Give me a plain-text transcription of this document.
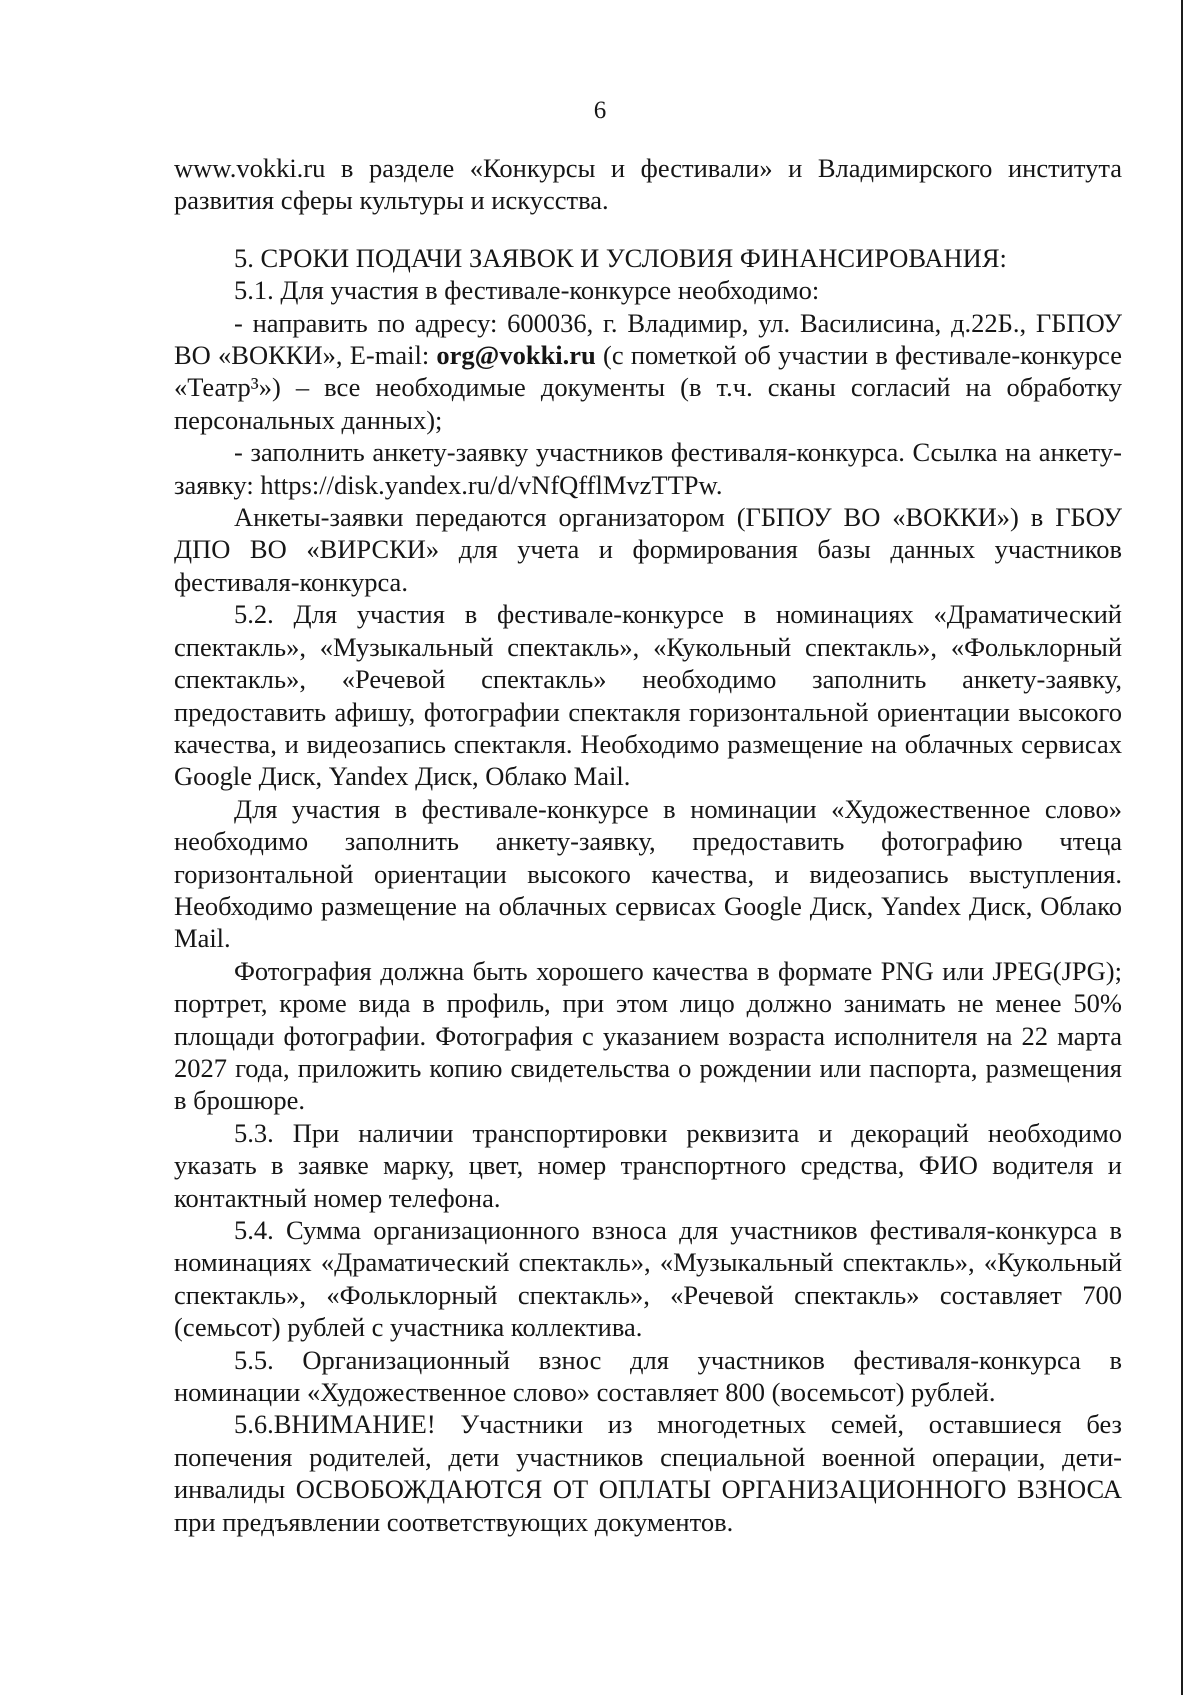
6

www.vokki.ru в разделе «Конкурсы и фестивали» и Владимирского института развития сферы культуры и искусства.

5. СРОКИ ПОДАЧИ ЗАЯВОК И УСЛОВИЯ ФИНАНСИРОВАНИЯ:

5.1. Для участия в фестивале-конкурсе необходимо:

- направить по адресу: 600036, г. Владимир, ул. Василисина, д.22Б., ГБПОУ ВО «ВОККИ», E-mail: org@vokki.ru (с пометкой об участии в фестивале-конкурсе «Театр³») – все необходимые документы (в т.ч. сканы согласий на обработку персональных данных);

- заполнить анкету-заявку участников фестиваля-конкурса. Ссылка на анкету-заявку: https://disk.yandex.ru/d/vNfQfflMvzTTPw.

Анкеты-заявки передаются организатором (ГБПОУ ВО «ВОККИ») в ГБОУ ДПО ВО «ВИРСКИ» для учета и формирования базы данных участников фестиваля-конкурса.

5.2. Для участия в фестивале-конкурсе в номинациях «Драматический спектакль», «Музыкальный спектакль», «Кукольный спектакль», «Фольклорный спектакль», «Речевой спектакль» необходимо заполнить анкету-заявку, предоставить афишу, фотографии спектакля горизонтальной ориентации высокого качества, и видеозапись спектакля. Необходимо размещение на облачных сервисах Google Диск, Yandex Диск, Облако Mail.

Для участия в фестивале-конкурсе в номинации «Художественное слово» необходимо заполнить анкету-заявку, предоставить фотографию чтеца горизонтальной ориентации высокого качества, и видеозапись выступления. Необходимо размещение на облачных сервисах Google Диск, Yandex Диск, Облако Mail.

Фотография должна быть хорошего качества в формате PNG или JPEG(JPG); портрет, кроме вида в профиль, при этом лицо должно занимать не менее 50% площади фотографии. Фотография с указанием возраста исполнителя на 22 марта 2027 года, приложить копию свидетельства о рождении или паспорта, размещения в брошюре.

5.3. При наличии транспортировки реквизита и декораций необходимо указать в заявке марку, цвет, номер транспортного средства, ФИО водителя и контактный номер телефона.

5.4. Сумма организационного взноса для участников фестиваля-конкурса в номинациях «Драматический спектакль», «Музыкальный спектакль», «Кукольный спектакль», «Фольклорный спектакль», «Речевой спектакль» составляет 700 (семьсот) рублей с участника коллектива.

5.5. Организационный взнос для участников фестиваля-конкурса в номинации «Художественное слово» составляет 800 (восемьсот) рублей.

5.6.ВНИМАНИЕ! Участники из многодетных семей, оставшиеся без попечения родителей, дети участников специальной военной операции, дети-инвалиды ОСВОБОЖДАЮТСЯ ОТ ОПЛАТЫ ОРГАНИЗАЦИОННОГО ВЗНОСА при предъявлении соответствующих документов.
